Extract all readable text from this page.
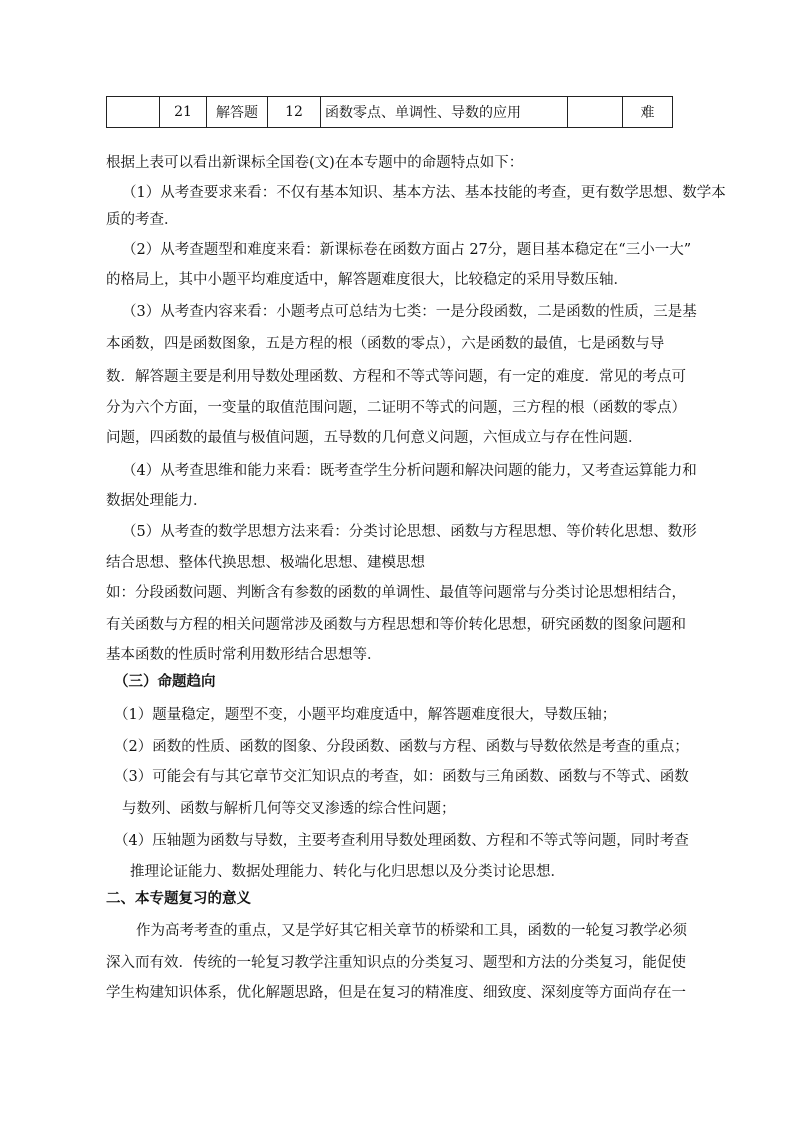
	21	解答题	12	函数零点、单调性、导数的应用		难
根据上表可以看出新课标全国卷(文)在本专题中的命题特点如下：
（1）从考查要求来看：不仅有基本知识、基本方法、基本技能的考查，更有数学思想、数学本
质的考查．
（2）从考查题型和难度来看：新课标卷在函数方面占 27分，题目基本稳定在“三小一大”
的格局上，其中小题平均难度适中，解答题难度很大，比较稳定的采用导数压轴．
（3）从考查内容来看：小题考点可总结为七类：一是分段函数，二是函数的性质，三是基
本函数，四是函数图象，五是方程的根（函数的零点），六是函数的最值，七是函数与导
数．解答题主要是利用导数处理函数、方程和不等式等问题，有一定的难度．常见的考点可
分为六个方面，一变量的取值范围问题，二证明不等式的问题，三方程的根（函数的零点）
问题，四函数的最值与极值问题，五导数的几何意义问题，六恒成立与存在性问题．
（4）从考查思维和能力来看：既考查学生分析问题和解决问题的能力，又考查运算能力和
数据处理能力．
（5）从考查的数学思想方法来看：分类讨论思想、函数与方程思想、等价转化思想、数形
结合思想、整体代换思想、极端化思想、建模思想
如：分段函数问题、判断含有参数的函数的单调性、最值等问题常与分类讨论思想相结合，
有关函数与方程的相关问题常涉及函数与方程思想和等价转化思想，研究函数的图象问题和
基本函数的性质时常利用数形结合思想等．
（三）命题趋向
（1）题量稳定，题型不变，小题平均难度适中，解答题难度很大，导数压轴；
（2）函数的性质、函数的图象、分段函数、函数与方程、函数与导数依然是考查的重点；
（3）可能会有与其它章节交汇知识点的考查，如：函数与三角函数、函数与不等式、函数
与数列、函数与解析几何等交叉渗透的综合性问题；
（4）压轴题为函数与导数，主要考查利用导数处理函数、方程和不等式等问题，同时考查
推理论证能力、数据处理能力、转化与化归思想以及分类讨论思想．
二、本专题复习的意义
作为高考考查的重点，又是学好其它相关章节的桥梁和工具，函数的一轮复习教学必须
深入而有效．传统的一轮复习教学注重知识点的分类复习、题型和方法的分类复习，能促使
学生构建知识体系，优化解题思路，但是在复习的精准度、细致度、深刻度等方面尚存在一
